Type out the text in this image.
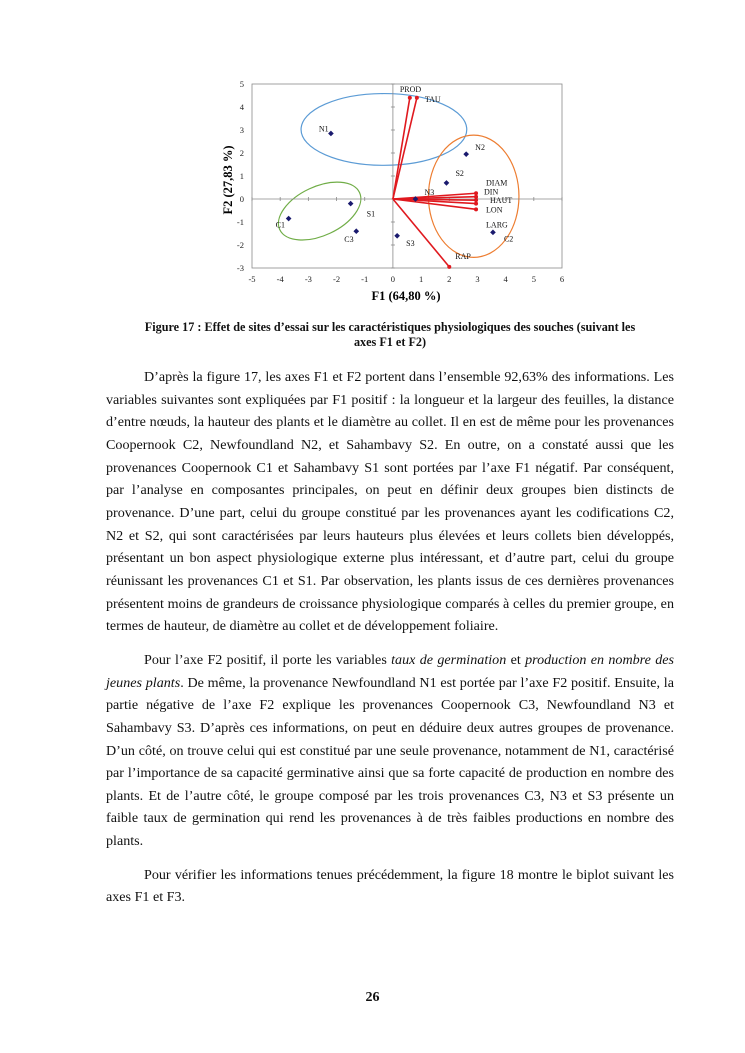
-5 -4 -3 -2 -1	0	1	2	3	4	5	6
-3
-2
-1
0
1
2
3
4
5
PROD
TAU
DIAM
DIN
HAUT
LON
LARG
RAP
N1
N2
S2
N3
C1
S1
C3	S3	C2
F1 (64,80 %)
F2 (27,83 %)
Figure 17 : Effet de sites d’essai sur les caractéristiques physiologiques des souches (suivant les
axes F1 et F2)

D’après la figure 17, les axes F1 et F2 portent dans l’ensemble 92,63% des informations. Les variables suivantes sont expliquées par F1 positif : la longueur et la largeur des feuilles, la distance d’entre nœuds, la hauteur des plants et le diamètre au collet. Il en est de même pour les provenances Coopernook C2, Newfoundland N2, et Sahambavy S2. En outre, on a constaté aussi que les provenances Coopernook C1 et Sahambavy S1 sont portées par l’axe F1 négatif. Par conséquent, par l’analyse en composantes principales, on peut en définir deux groupes bien distincts de provenance. D’une part, celui du groupe constitué par les provenances ayant les codifications C2, N2 et S2, qui sont caractérisées par leurs hauteurs plus élevées et leurs collets bien développés, présentant un bon aspect physiologique externe plus intéressant, et d’autre part, celui du groupe réunissant les provenances C1 et S1. Par observation, les plants issus de ces dernières provenances présentent moins de grandeurs de croissance physiologique comparés à celles du premier groupe, en termes de hauteur, de diamètre au collet et de développement foliaire.

Pour l’axe F2 positif, il porte les variables taux de germination et production en nombre des jeunes plants. De même, la provenance Newfoundland N1 est portée par l’axe F2 positif. Ensuite, la partie négative de l’axe F2 explique les provenances Coopernook C3, Newfoundland N3 et Sahambavy S3. D’après ces informations, on peut en déduire deux autres groupes de provenance. D’un côté, on trouve celui qui est constitué par une seule provenance, notamment de N1, caractérisé par l’importance de sa capacité germinative ainsi que sa forte capacité de production en nombre des plants. Et de l’autre côté, le groupe composé par les trois provenances C3, N3 et S3 présente un faible taux de germination qui rend les provenances à de très faibles productions en nombre des plants.

Pour vérifier les informations tenues précédemment, la figure 18 montre le biplot suivant les axes F1 et F3.

26
